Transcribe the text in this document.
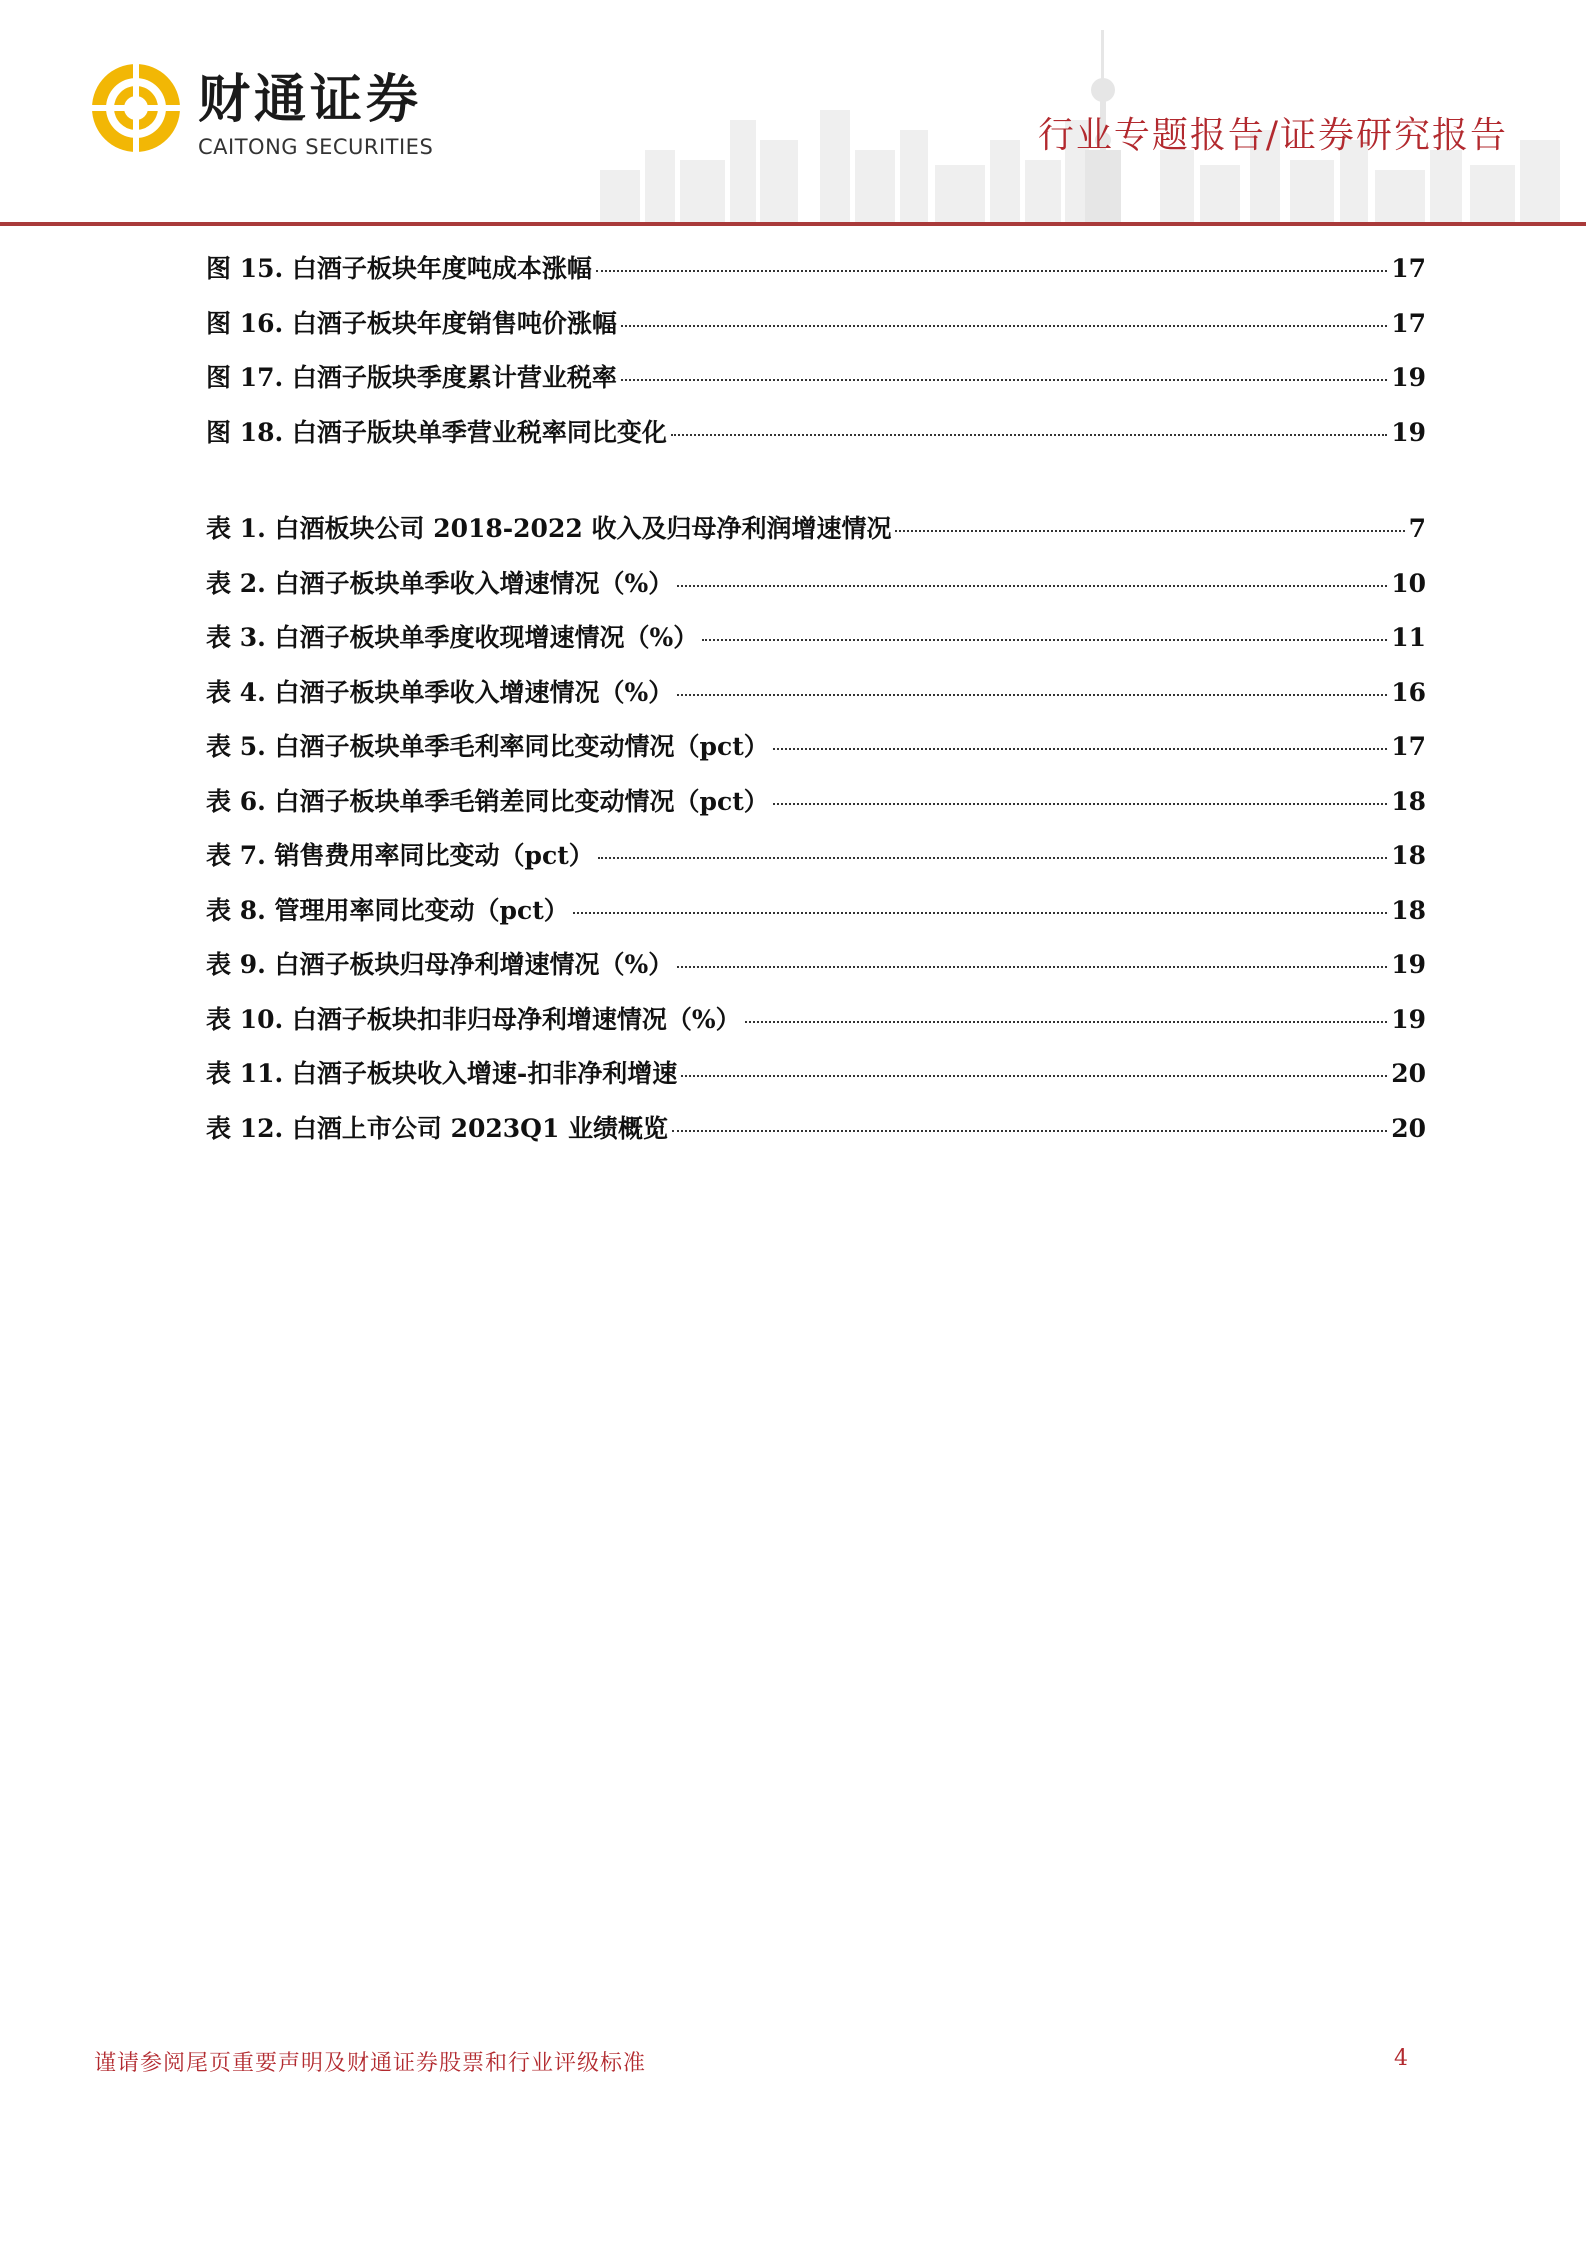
财通证券
CAITONG SECURITIES	行业专题报告/证券研究报告
图 15. 白酒子板块年度吨成本涨幅	17
图 16. 白酒子板块年度销售吨价涨幅	17
图 17. 白酒子版块季度累计营业税率	19
图 18. 白酒子版块单季营业税率同比变化	19
表 1. 白酒板块公司 2018-2022 收入及归母净利润增速情况	7
表 2. 白酒子板块单季收入增速情况（%）	10
表 3. 白酒子板块单季度收现增速情况（%）	11
表 4. 白酒子板块单季收入增速情况（%）	16
表 5. 白酒子板块单季毛利率同比变动情况（pct）	17
表 6. 白酒子板块单季毛销差同比变动情况（pct）	18
表 7. 销售费用率同比变动（pct）	18
表 8. 管理用率同比变动（pct）	18
表 9. 白酒子板块归母净利增速情况（%）	19
表 10. 白酒子板块扣非归母净利增速情况（%）	19
表 11. 白酒子板块收入增速-扣非净利增速	20
表 12. 白酒上市公司 2023Q1 业绩概览	20
谨请参阅尾页重要声明及财通证券股票和行业评级标准	4
